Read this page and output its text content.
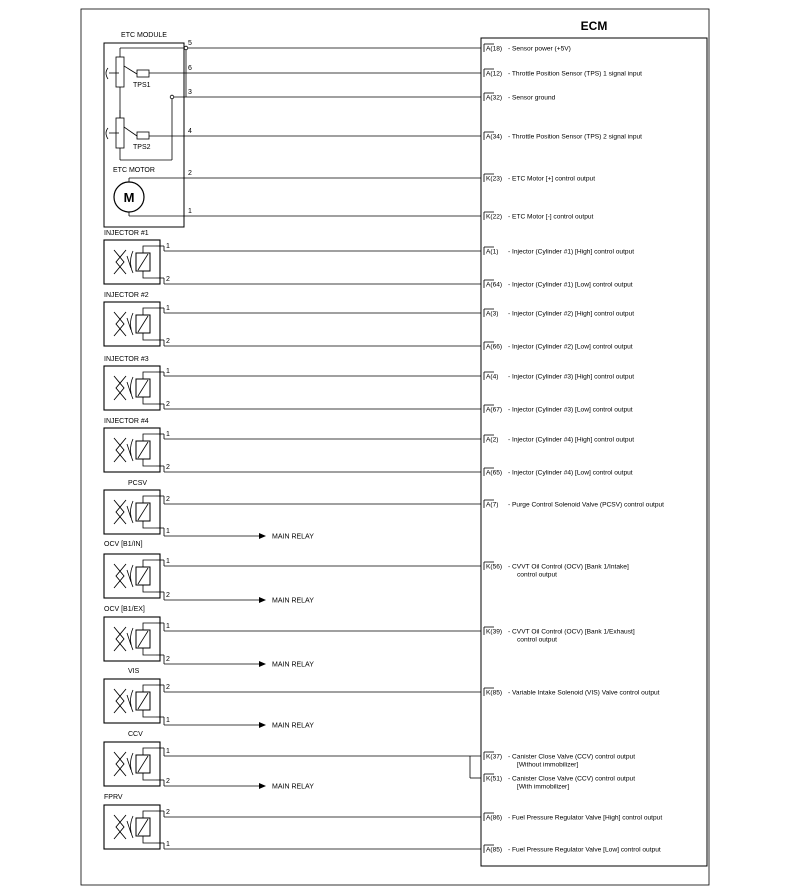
ECM
ETC MODULE
TPS1
TPS2
ETC MOTOR
M
5
6
3
4
2
1
A(18) - Sensor power (+5V)
A(12) - Throttle Position Sensor (TPS) 1 signal input
A(32) - Sensor ground
A(34) - Throttle Position Sensor (TPS) 2 signal input
K(23) - ETC Motor [+] control output
K(22) - ETC Motor [-] control output
A(1) - Injector (Cylinder #1) [High] control output
A(64) - Injector (Cylinder #1) [Low] control output
A(3) - Injector (Cylinder #2) [High] control output
A(66) - Injector (Cylinder #2) [Low] control output
A(4) - Injector (Cylinder #3) [High] control output
A(67) - Injector (Cylinder #3) [Low] control output
A(2) - Injector (Cylinder #4) [High] control output
A(65) - Injector (Cylinder #4) [Low] control output
A(7) - Purge Control Solenoid Valve (PCSV) control output
K(56) - CVVT Oil Control (OCV) [Bank 1/Intake]
control output
K(39) - CVVT Oil Control (OCV) [Bank 1/Exhaust]
control output
K(85) - Variable Intake Solenoid (VIS) Valve control output
K(37) - Canister Close Valve (CCV) control output
[Without immobilizer]
K(51) - Canister Close Valve (CCV) control output
[With immobilizer]
A(86) - Fuel Pressure Regulator Valve [High] control output
A(85) - Fuel Pressure Regulator Valve [Low] control output
INJECTOR #1
1
2
INJECTOR #2
1
2
INJECTOR #3
1
2
INJECTOR #4
1
2
PCSV
2
1
MAIN RELAY
OCV [B1/IN]
1
2
MAIN RELAY
OCV [B1/EX]
1
2
MAIN RELAY
VIS
2
1
MAIN RELAY
CCV
1
2
MAIN RELAY
FPRV
2
1
